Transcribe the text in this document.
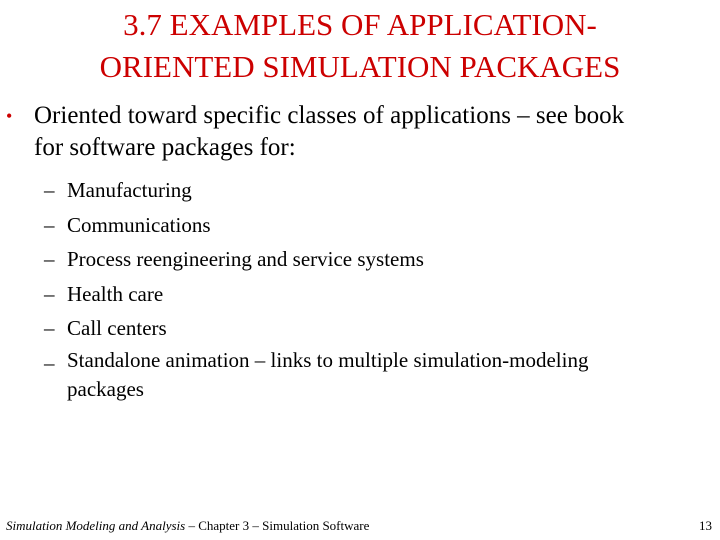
3.7 EXAMPLES OF APPLICATION-
ORIENTED SIMULATION PACKAGES
• Oriented toward specific classes of applications – see book
for software packages for:
– Manufacturing
– Communications
– Process reengineering and service systems
– Health care
– Call centers
– Standalone animation – links to multiple simulation-modeling
packages
Simulation Modeling and Analysis – Chapter 3 – Simulation Software	13
